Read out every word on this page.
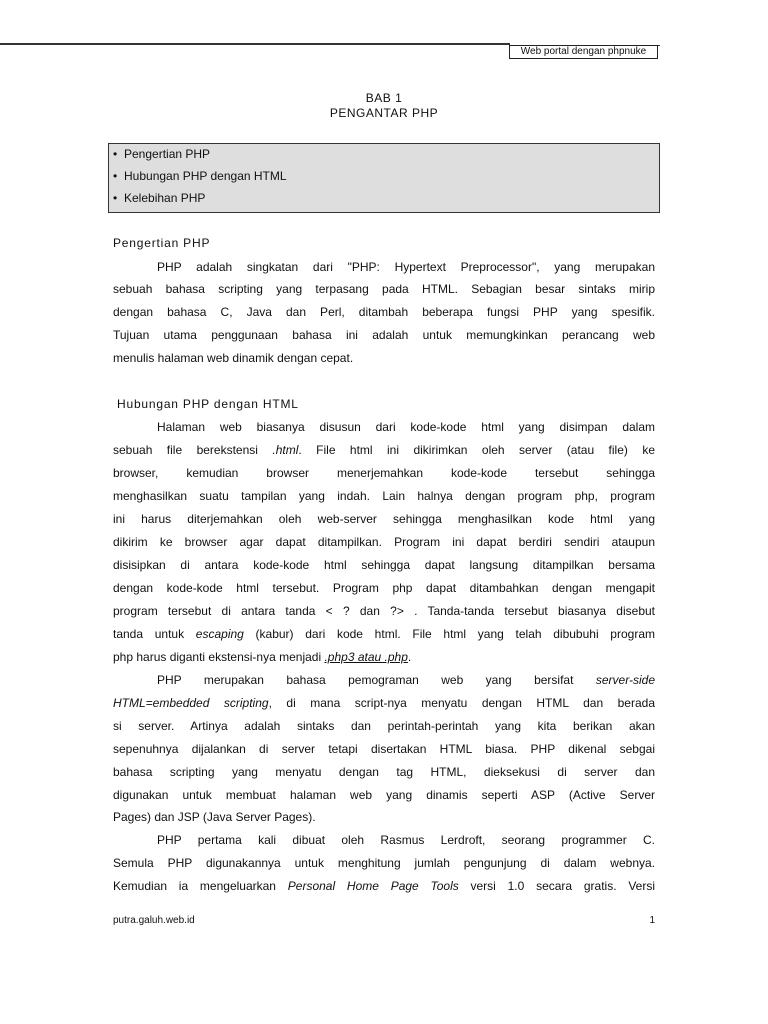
Web portal dengan phpnuke
BAB 1
PENGANTAR PHP
• Pengertian PHP
• Hubungan PHP dengan HTML
• Kelebihan PHP
Pengertian PHP
PHP adalah singkatan dari "PHP: Hypertext Preprocessor", yang merupakan
sebuah bahasa scripting yang terpasang pada HTML. Sebagian besar sintaks mirip
dengan bahasa C, Java dan Perl, ditambah beberapa fungsi PHP yang spesifik.
Tujuan utama penggunaan bahasa ini adalah untuk memungkinkan perancang web
menulis halaman web dinamik dengan cepat.
Hubungan PHP dengan HTML
Halaman web biasanya disusun dari kode-kode html yang disimpan dalam
sebuah file berekstensi .html. File html ini dikirimkan oleh server (atau file) ke
browser, kemudian browser menerjemahkan kode-kode tersebut sehingga
menghasilkan suatu tampilan yang indah. Lain halnya dengan program php, program
ini harus diterjemahkan oleh web-server sehingga menghasilkan kode html yang
dikirim ke browser agar dapat ditampilkan. Program ini dapat berdiri sendiri ataupun
disisipkan di antara kode-kode html sehingga dapat langsung ditampilkan bersama
dengan kode-kode html tersebut. Program php dapat ditambahkan dengan mengapit
program tersebut di antara tanda < ? dan ?> . Tanda-tanda tersebut biasanya disebut
tanda untuk escaping (kabur) dari kode html. File html yang telah dibubuhi program
php harus diganti ekstensi-nya menjadi .php3 atau .php.
PHP merupakan bahasa pemograman web yang bersifat server-side
HTML=embedded scripting, di mana script-nya menyatu dengan HTML dan berada
si server. Artinya adalah sintaks dan perintah-perintah yang kita berikan akan
sepenuhnya dijalankan di server tetapi disertakan HTML biasa. PHP dikenal sebgai
bahasa scripting yang menyatu dengan tag HTML, dieksekusi di server dan
digunakan untuk membuat halaman web yang dinamis seperti ASP (Active Server
Pages) dan JSP (Java Server Pages).
PHP pertama kali dibuat oleh Rasmus Lerdroft, seorang programmer C.
Semula PHP digunakannya untuk menghitung jumlah pengunjung di dalam webnya.
Kemudian ia mengeluarkan Personal Home Page Tools versi 1.0 secara gratis. Versi
putra.galuh.web.id	1
